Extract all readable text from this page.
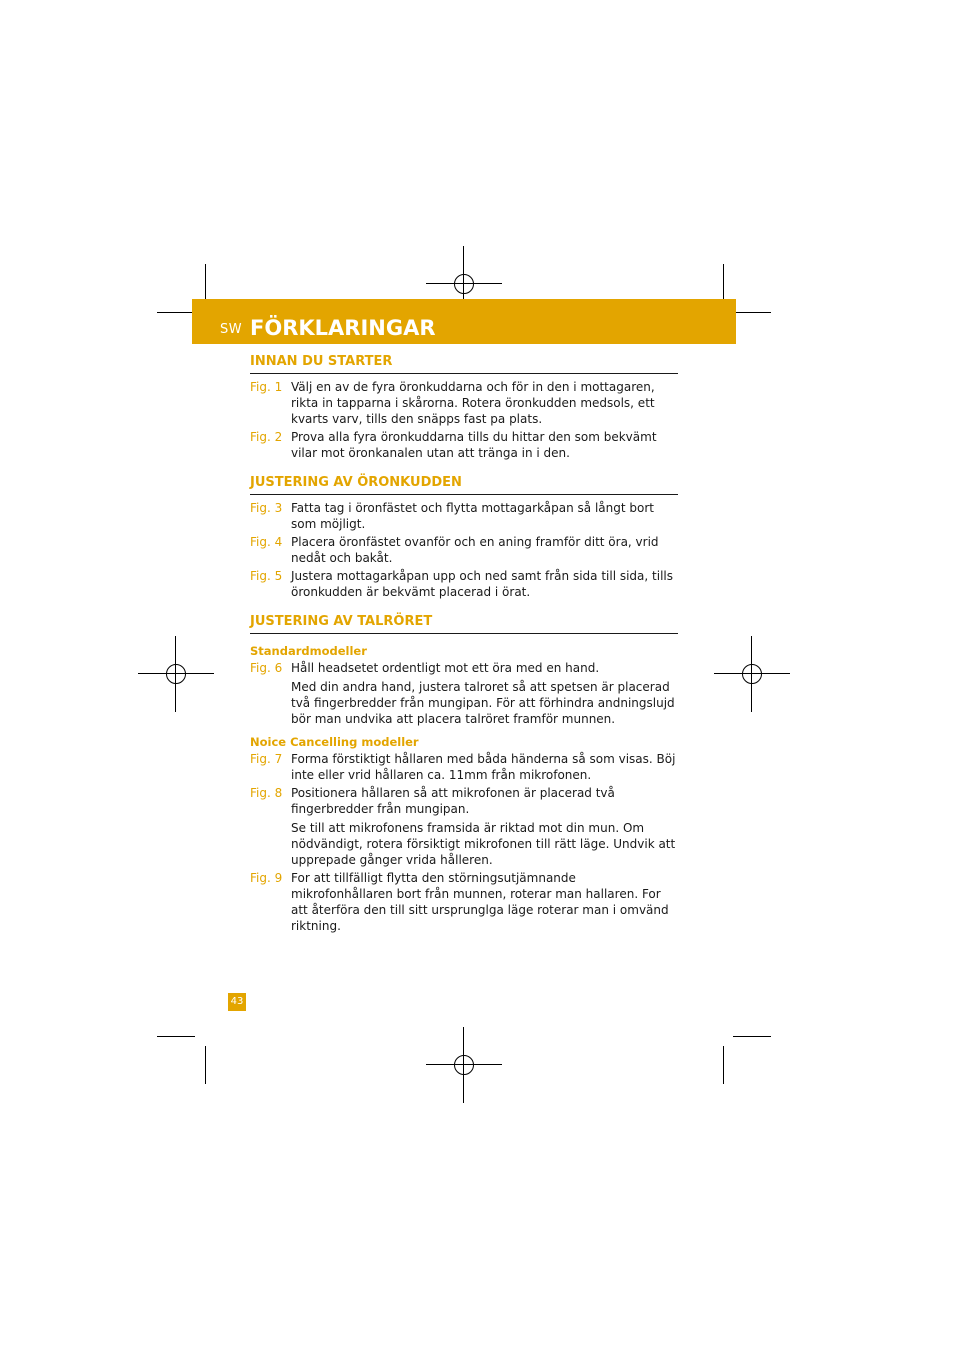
SW FÖRKLARINGAR
INNAN DU STARTER
Fig. 1 Välj en av de fyra öronkuddarna och för in den i mottagaren, rikta in tapparna i skårorna. Rotera öronkudden medsols, ett kvarts varv, tills den snäpps fast pa plats.
Fig. 2 Prova alla fyra öronkuddarna tills du hittar den som bekvämt vilar mot öronkanalen utan att tränga in i den.
JUSTERING AV ÖRONKUDDEN
Fig. 3 Fatta tag i öronfästet och flytta mottagarkåpan så långt bort som möjligt.
Fig. 4 Placera öronfästet ovanför och en aning framför ditt öra, vrid nedåt och bakåt.
Fig. 5 Justera mottagarkåpan upp och ned samt från sida till sida, tills öronkudden är bekvämt placerad i örat.
JUSTERING AV TALRÖRET
Standardmodeller
Fig. 6 Håll headsetet ordentligt mot ett öra med en hand.
Med din andra hand, justera talroret så att spetsen är placerad två fingerbredder från mungipan. För att förhindra andningslujd bör man undvika att placera talröret framför munnen.
Noice Cancelling modeller
Fig. 7 Forma förstiktigt hållaren med båda händerna så som visas. Böj inte eller vrid hållaren ca. 11mm från mikrofonen.
Fig. 8 Positionera hållaren så att mikrofonen är placerad två fingerbredder från mungipan.
Se till att mikrofonens framsida är riktad mot din mun. Om nödvändigt, rotera försiktigt mikrofonen till rätt läge. Undvik att upprepade gånger vrida hålleren.
Fig. 9 For att tillfälligt flytta den störningsutjämnande mikrofonhållaren bort från munnen, roterar man hallaren. For att återföra den till sitt ursprunglga läge roterar man i omvänd riktning.
43
